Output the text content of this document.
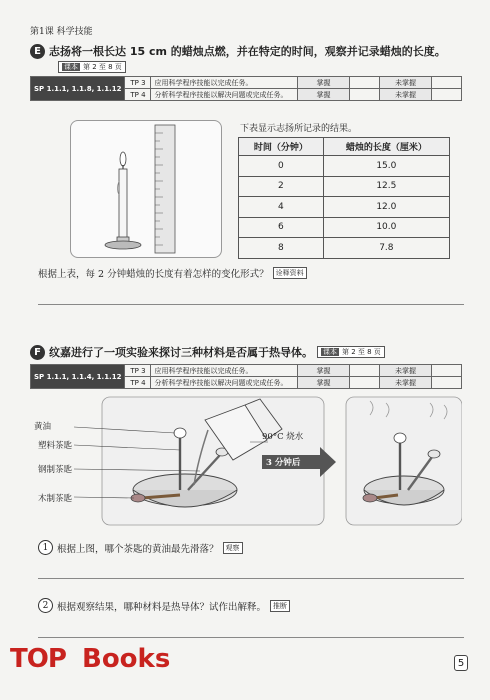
第1课 科学技能
E 志扬将一根长达 15 cm 的蜡烛点燃，并在特定的时间，观察并记录蜡烛的长度。
课本 第 2 至 8 页
SP 1.1.1, 1.1.8, 1.1.12	TP 3	应用科学程序技能以完成任务。	掌握		未掌握	
	TP 4	分析科学程序技能以解决问题或完成任务。	掌握		未掌握	
下表显示志扬所记录的结果。
时间（分钟）	蜡烛的长度（厘米）
0	15.0
2	12.5
4	12.0
6	10.0
8	7.8
根据上表，每 2 分钟蜡烛的长度有着怎样的变化形式？	诠释资料
F 纹嘉进行了一项实验来探讨三种材料是否属于热导体。	课本 第 2 至 8 页
SP 1.1.1, 1.1.4, 1.1.12	TP 3	应用科学程序技能以完成任务。	掌握		未掌握	
	TP 4	分析科学程序技能以解决问题或完成任务。	掌握		未掌握	
黄油
塑料茶匙
钢制茶匙
木制茶匙
90°C 烧水
3 分钟后
1 根据上图，哪个茶匙的黄油最先滑落？	观察
2 根据观察结果，哪种材料是热导体？试作出解释。	推断
5
TOP Books
